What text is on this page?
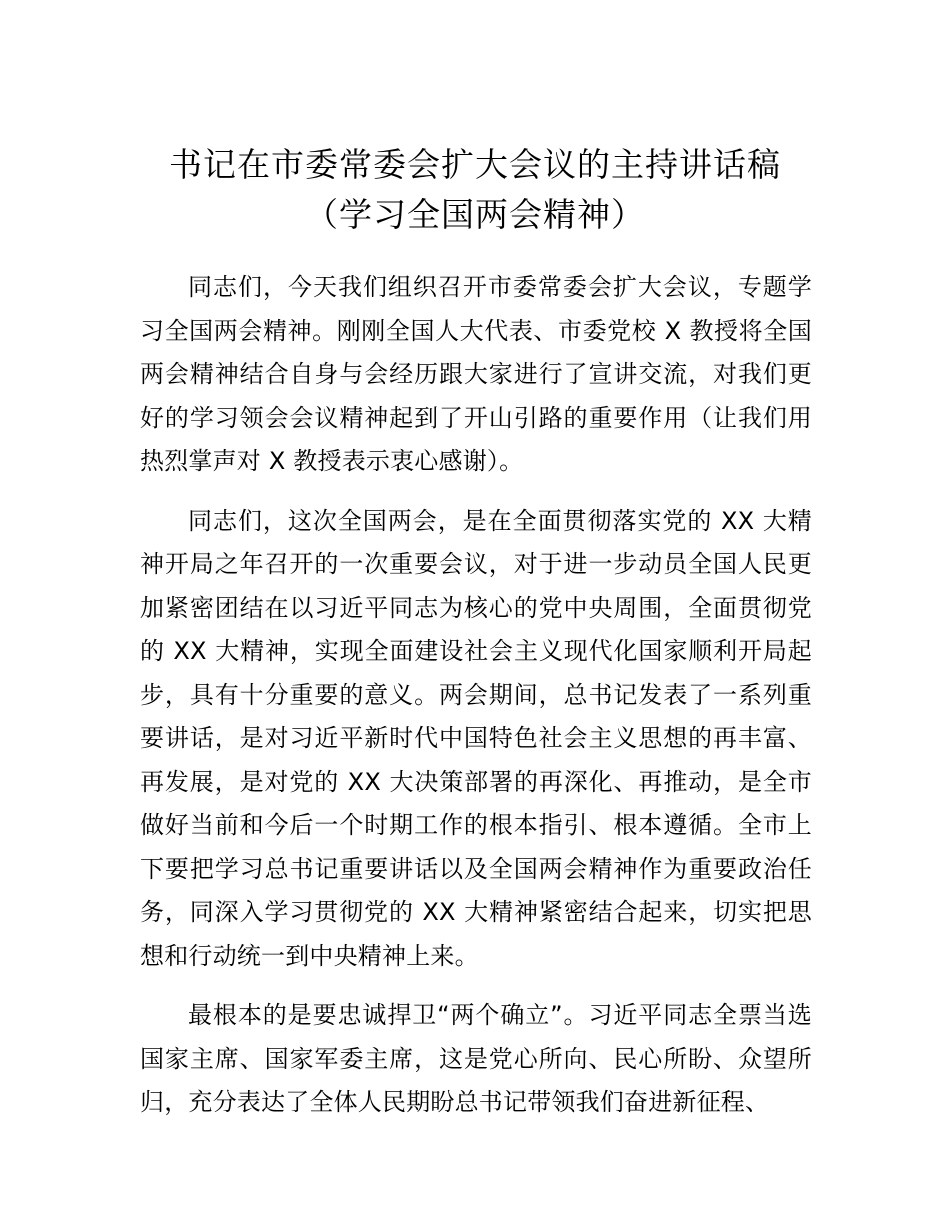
书记在市委常委会扩大会议的主持讲话稿
（学习全国两会精神）

同志们，今天我们组织召开市委常委会扩大会议，专题学习全国两会精神。刚刚全国人大代表、市委党校 X 教授将全国两会精神结合自身与会经历跟大家进行了宣讲交流，对我们更好的学习领会会议精神起到了开山引路的重要作用（让我们用热烈掌声对 X 教授表示衷心感谢）。

同志们，这次全国两会，是在全面贯彻落实党的 XX 大精神开局之年召开的一次重要会议，对于进一步动员全国人民更加紧密团结在以习近平同志为核心的党中央周围，全面贯彻党的 XX 大精神，实现全面建设社会主义现代化国家顺利开局起步，具有十分重要的意义。两会期间，总书记发表了一系列重要讲话，是对习近平新时代中国特色社会主义思想的再丰富、再发展，是对党的 XX 大决策部署的再深化、再推动，是全市做好当前和今后一个时期工作的根本指引、根本遵循。全市上下要把学习总书记重要讲话以及全国两会精神作为重要政治任务，同深入学习贯彻党的 XX 大精神紧密结合起来，切实把思想和行动统一到中央精神上来。

最根本的是要忠诚捍卫“两个确立”。习近平同志全票当选国家主席、国家军委主席，这是党心所向、民心所盼、众望所归，充分表达了全体人民期盼总书记带领我们奋进新征程、
